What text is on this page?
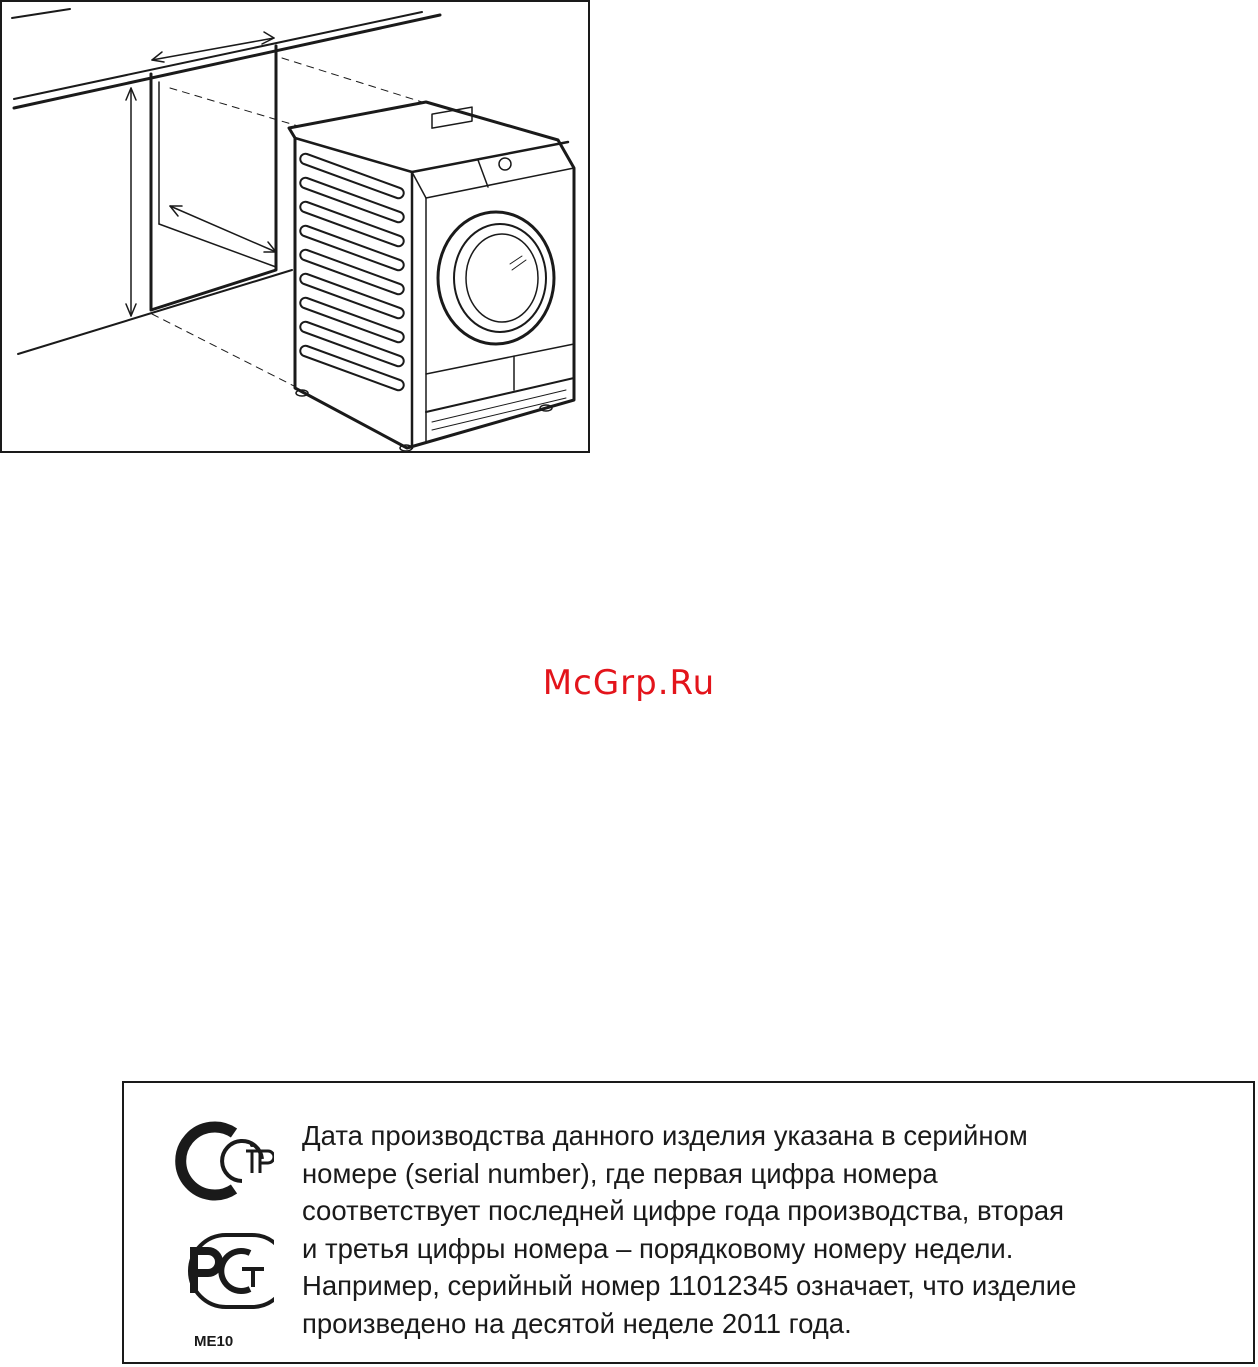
McGrp.Ru
ME10
Дата производства данного изделия указана в серийном
номере (serial number), где первая цифра номера
соответствует последней цифре года производства, вторая
и третья цифры номера – порядковому номеру недели.
Например, серийный номер 11012345 означает, что изделие
произведено на десятой неделе 2011 года.
